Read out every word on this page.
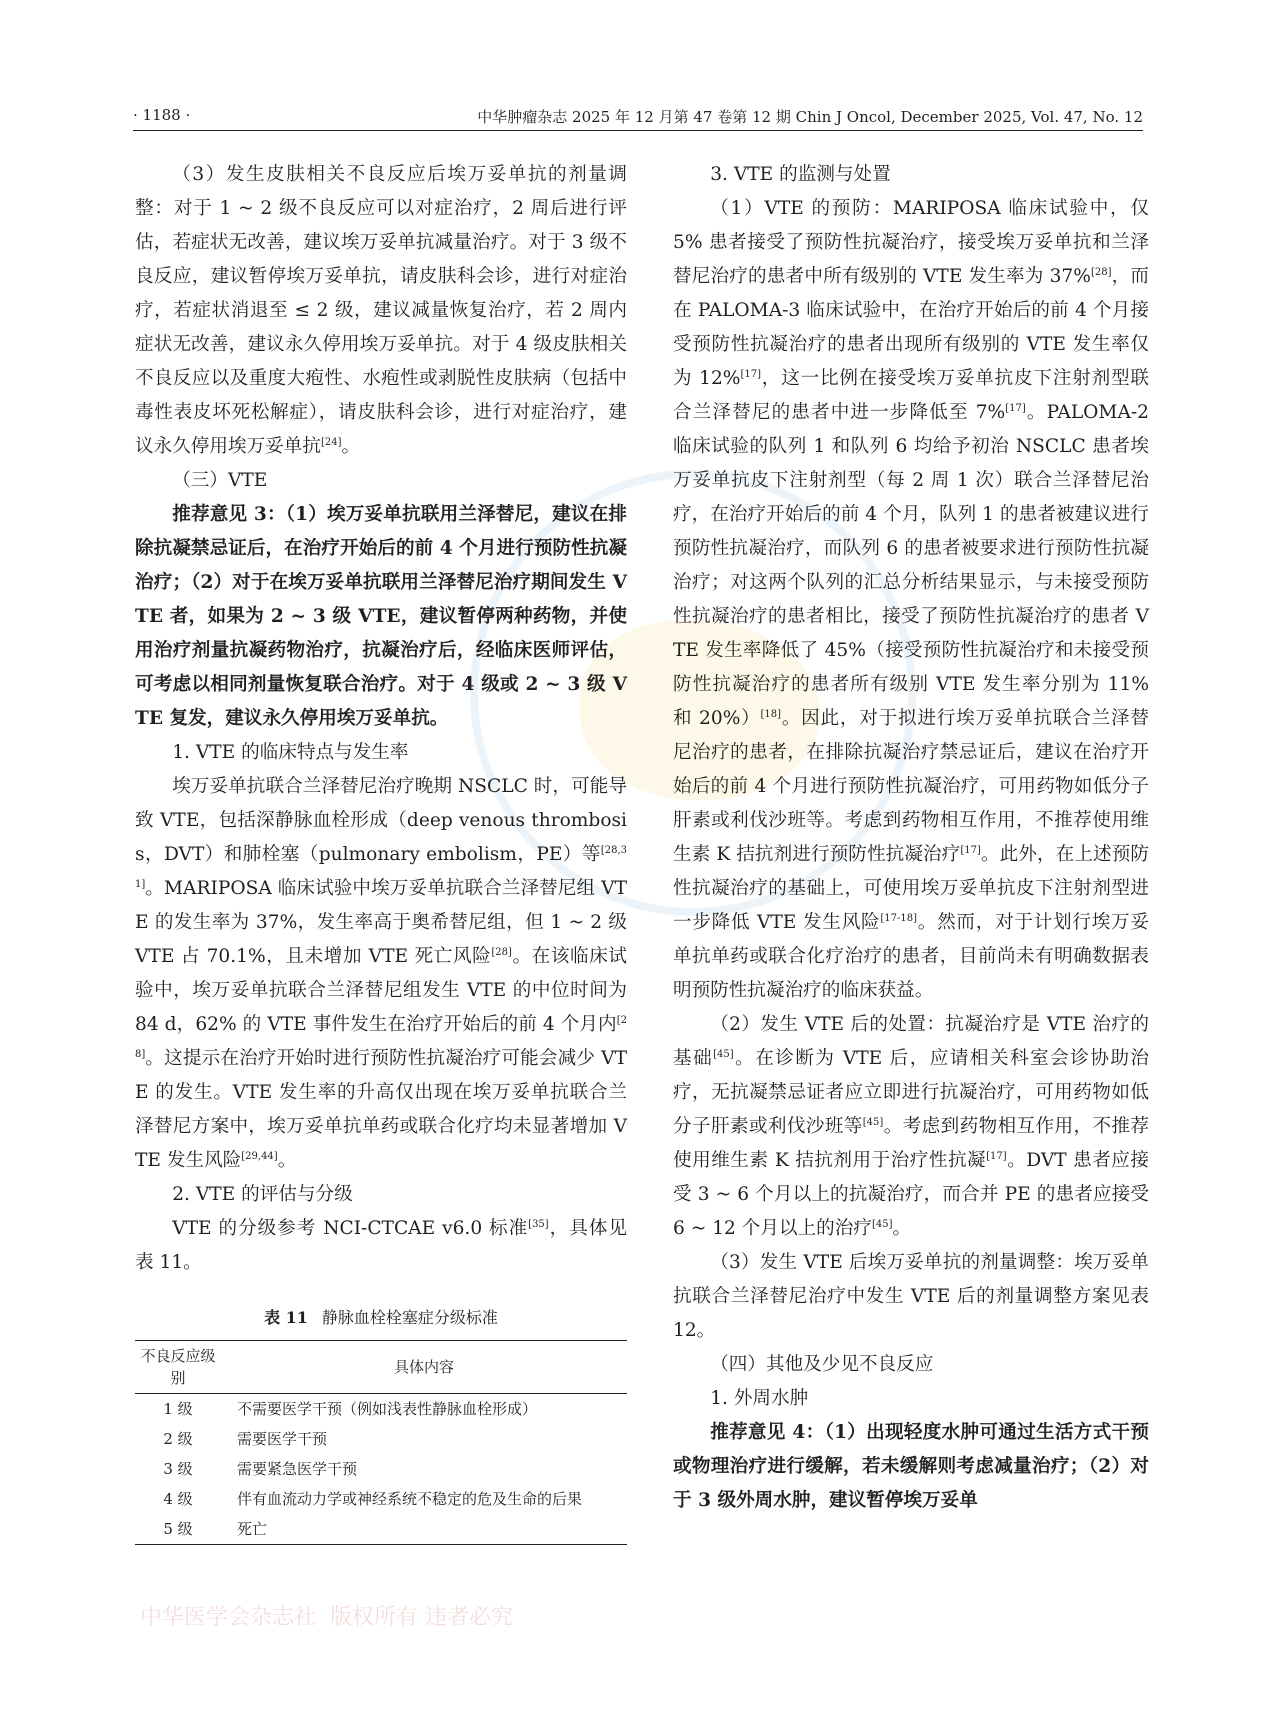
· 1188 ·	中华肿瘤杂志 2025 年 12 月第 47 卷第 12 期 Chin J Oncol, December 2025, Vol. 47, No. 12

（3）发生皮肤相关不良反应后埃万妥单抗的剂量调整：对于 1 ~ 2 级不良反应可以对症治疗，2 周后进行评估，若症状无改善，建议埃万妥单抗减量治疗。对于 3 级不良反应，建议暂停埃万妥单抗，请皮肤科会诊，进行对症治疗，若症状消退至 ≤ 2 级，建议减量恢复治疗，若 2 周内症状无改善，建议永久停用埃万妥单抗。对于 4 级皮肤相关不良反应以及重度大疱性、水疱性或剥脱性皮肤病（包括中毒性表皮坏死松解症），请皮肤科会诊，进行对症治疗，建议永久停用埃万妥单抗[24]。

（三）VTE

推荐意见 3：（1）埃万妥单抗联用兰泽替尼，建议在排除抗凝禁忌证后，在治疗开始后的前 4 个月进行预防性抗凝治疗；（2）对于在埃万妥单抗联用兰泽替尼治疗期间发生 VTE 者，如果为 2 ~ 3 级 VTE，建议暂停两种药物，并使用治疗剂量抗凝药物治疗，抗凝治疗后，经临床医师评估，可考虑以相同剂量恢复联合治疗。对于 4 级或 2 ~ 3 级 VTE 复发，建议永久停用埃万妥单抗。

1. VTE 的临床特点与发生率

埃万妥单抗联合兰泽替尼治疗晚期 NSCLC 时，可能导致 VTE，包括深静脉血栓形成（deep venous thrombosis，DVT）和肺栓塞（pulmonary embolism，PE）等[28,31]。MARIPOSA 临床试验中埃万妥单抗联合兰泽替尼组 VTE 的发生率为 37%，发生率高于奥希替尼组，但 1 ~ 2 级 VTE 占 70.1%，且未增加 VTE 死亡风险[28]。在该临床试验中，埃万妥单抗联合兰泽替尼组发生 VTE 的中位时间为 84 d，62% 的 VTE 事件发生在治疗开始后的前 4 个月内[28]。这提示在治疗开始时进行预防性抗凝治疗可能会减少 VTE 的发生。VTE 发生率的升高仅出现在埃万妥单抗联合兰泽替尼方案中，埃万妥单抗单药或联合化疗均未显著增加 VTE 发生风险[29,44]。

2. VTE 的评估与分级

VTE 的分级参考 NCI-CTCAE v6.0 标准[35]，具体见表 11。

表 11 静脉血栓栓塞症分级标准
不良反应级别	具体内容
1 级	不需要医学干预（例如浅表性静脉血栓形成）
2 级	需要医学干预
3 级	需要紧急医学干预
4 级	伴有血流动力学或神经系统不稳定的危及生命的后果
5 级	死亡

3. VTE 的监测与处置

（1）VTE 的预防：MARIPOSA 临床试验中，仅 5% 患者接受了预防性抗凝治疗，接受埃万妥单抗和兰泽替尼治疗的患者中所有级别的 VTE 发生率为 37%[28]，而在 PALOMA-3 临床试验中，在治疗开始后的前 4 个月接受预防性抗凝治疗的患者出现所有级别的 VTE 发生率仅为 12%[17]，这一比例在接受埃万妥单抗皮下注射剂型联合兰泽替尼的患者中进一步降低至 7%[17]。PALOMA-2 临床试验的队列 1 和队列 6 均给予初治 NSCLC 患者埃万妥单抗皮下注射剂型（每 2 周 1 次）联合兰泽替尼治疗，在治疗开始后的前 4 个月，队列 1 的患者被建议进行预防性抗凝治疗，而队列 6 的患者被要求进行预防性抗凝治疗；对这两个队列的汇总分析结果显示，与未接受预防性抗凝治疗的患者相比，接受了预防性抗凝治疗的患者 VTE 发生率降低了 45%（接受预防性抗凝治疗和未接受预防性抗凝治疗的患者所有级别 VTE 发生率分别为 11% 和 20%）[18]。因此，对于拟进行埃万妥单抗联合兰泽替尼治疗的患者，在排除抗凝治疗禁忌证后，建议在治疗开始后的前 4 个月进行预防性抗凝治疗，可用药物如低分子肝素或利伐沙班等。考虑到药物相互作用，不推荐使用维生素 K 拮抗剂进行预防性抗凝治疗[17]。此外，在上述预防性抗凝治疗的基础上，可使用埃万妥单抗皮下注射剂型进一步降低 VTE 发生风险[17-18]。然而，对于计划行埃万妥单抗单药或联合化疗治疗的患者，目前尚未有明确数据表明预防性抗凝治疗的临床获益。

（2）发生 VTE 后的处置：抗凝治疗是 VTE 治疗的基础[45]。在诊断为 VTE 后，应请相关科室会诊协助治疗，无抗凝禁忌证者应立即进行抗凝治疗，可用药物如低分子肝素或利伐沙班等[45]。考虑到药物相互作用，不推荐使用维生素 K 拮抗剂用于治疗性抗凝[17]。DVT 患者应接受 3 ~ 6 个月以上的抗凝治疗，而合并 PE 的患者应接受 6 ~ 12 个月以上的治疗[45]。

（3）发生 VTE 后埃万妥单抗的剂量调整：埃万妥单抗联合兰泽替尼治疗中发生 VTE 后的剂量调整方案见表 12。

（四）其他及少见不良反应

1. 外周水肿

推荐意见 4：（1）出现轻度水肿可通过生活方式干预或物理治疗进行缓解，若未缓解则考虑减量治疗；（2）对于 3 级外周水肿，建议暂停埃万妥单

中华医学会杂志社 版权所有 违者必究
